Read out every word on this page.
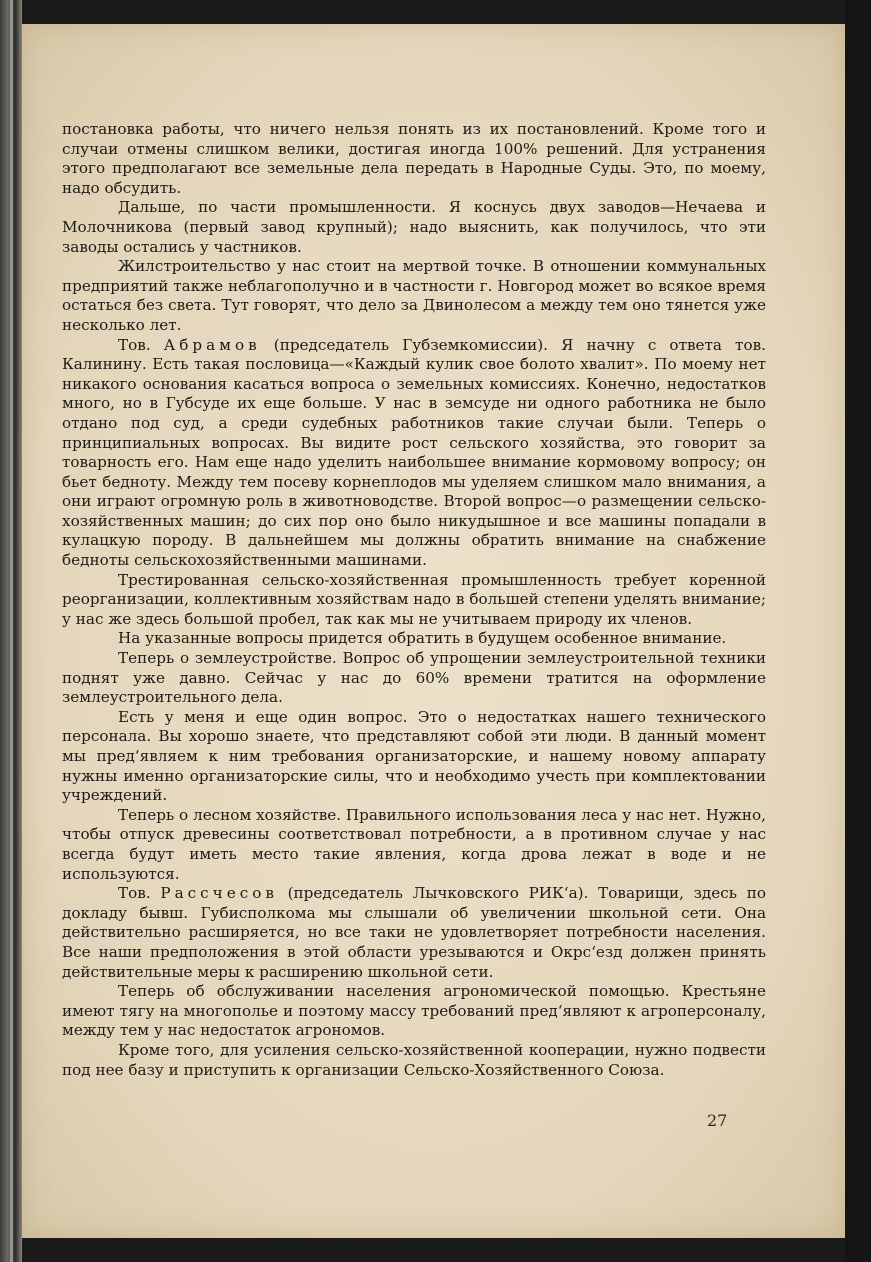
постановка работы, что ничего нельзя понять из их постановлений. Кроме того и случаи отмены слишком велики, достигая иногда 100% решений. Для устранения этого предполагают все земельные дела передать в Народные Суды. Это, по моему, надо обсудить.

Дальше, по части промышленности. Я коснусь двух заводов—Нечаева и Молочникова (первый завод крупный); надо выяснить, как получилось, что эти заводы остались у частников.

Жилстроительство у нас стоит на мертвой точке. В отношении коммунальных предприятий также неблагополучно и в частности г. Новгород может во всякое время остаться без света. Тут говорят, что дело за Двинолесом а между тем оно тянется уже несколько лет.

Тов. Абрамов (председатель Губземкомиссии). Я начну с ответа тов. Калинину. Есть такая пословица—«Каждый кулик свое болото хвалит». По моему нет никакого основания касаться вопроса о земельных комиссиях. Конечно, недостатков много, но в Губсуде их еще больше. У нас в земсуде ни одного работника не было отдано под суд, а среди судебных работников такие случаи были. Теперь о принципиальных вопросах. Вы видите рост сельского хозяйства, это говорит за товарность его. Нам еще надо уделить наибольшее внимание кормовому вопросу; он бьет бедноту. Между тем посеву корнеплодов мы уделяем слишком мало внимания, а они играют огромную роль в животноводстве. Второй вопрос—о размещении сельско-хозяйственных машин; до сих пор оно было никудышное и все машины попадали в кулацкую породу. В дальнейшем мы должны обратить внимание на снабжение бедноты сельскохозяйственными машинами.

Трестированная сельско-хозяйственная промышленность требует коренной реорганизации, коллективным хозяйствам надо в большей степени уделять внимание; у нас же здесь большой пробел, так как мы не учитываем природу их членов.

На указанные вопросы придется обратить в будущем особенное внимание.

Теперь о землеустройстве. Вопрос об упрощении землеустроительной техники поднят уже давно. Сейчас у нас до 60% времени тратится на оформление землеустроительного дела.

Есть у меня и еще один вопрос. Это о недостатках нашего технического персонала. Вы хорошо знаете, что представляют собой эти люди. В данный момент мы пред‘являем к ним требования организаторские, и нашему новому аппарату нужны именно организаторские силы, что и необходимо учесть при комплектовании учреждений.

Теперь о лесном хозяйстве. Правильного использования леса у нас нет. Нужно, чтобы отпуск древесины соответствовал потребности, а в противном случае у нас всегда будут иметь место такие явления, когда дрова лежат в воде и не используются.

Тов. Рассчесов (председатель Лычковского РИК‘а). Товарищи, здесь по докладу бывш. Губисполкома мы слышали об увеличении школьной сети. Она действительно расширяется, но все таки не удовлетворяет потребности населения. Все наши предположения в этой области урезываются и Окрс‘езд должен принять действительные меры к расширению школьной сети.

Теперь об обслуживании населения агрономической помощью. Крестьяне имеют тягу на многополье и поэтому массу требований пред‘являют к агроперсоналу, между тем у нас недостаток агрономов.

Кроме того, для усиления сельско-хозяйственной кооперации, нужно подвести под нее базу и приступить к организации Сельско-Хозяйственного Союза.

27
